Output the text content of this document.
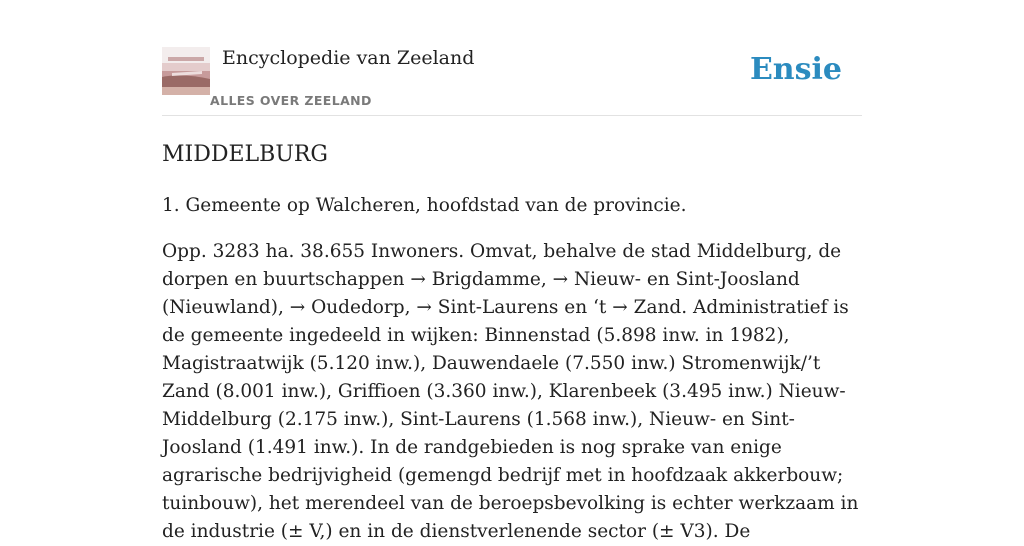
Encyclopedie van Zeeland
ALLES OVER ZEELAND
Ensie
MIDDELBURG

1. Gemeente op Walcheren, hoofdstad van de provincie.

Opp. 3283 ha. 38.655 Inwoners. Omvat, behalve de stad Middelburg, de dorpen en buurtschappen → Brigdamme, → Nieuw- en Sint-Joosland (Nieuwland), → Oudedorp, → Sint-Laurens en ‘t → Zand. Administratief is de gemeente ingedeeld in wijken: Binnenstad (5.898 inw. in 1982), Magistraatwijk (5.120 inw.), Dauwendaele (7.550 inw.) Stromenwijk/’t Zand (8.001 inw.), Griffioen (3.360 inw.), Klarenbeek (3.495 inw.) Nieuw-Middelburg (2.175 inw.), Sint-Laurens (1.568 inw.), Nieuw- en Sint-Joosland (1.491 inw.). In de randgebieden is nog sprake van enige agrarische bedrijvigheid (gemengd bedrijf met in hoofdzaak akkerbouw; tuinbouw), het merendeel van de beroepsbevolking is echter werkzaam in de industrie (± V,) en in de dienstverlenende sector (± V3). De
